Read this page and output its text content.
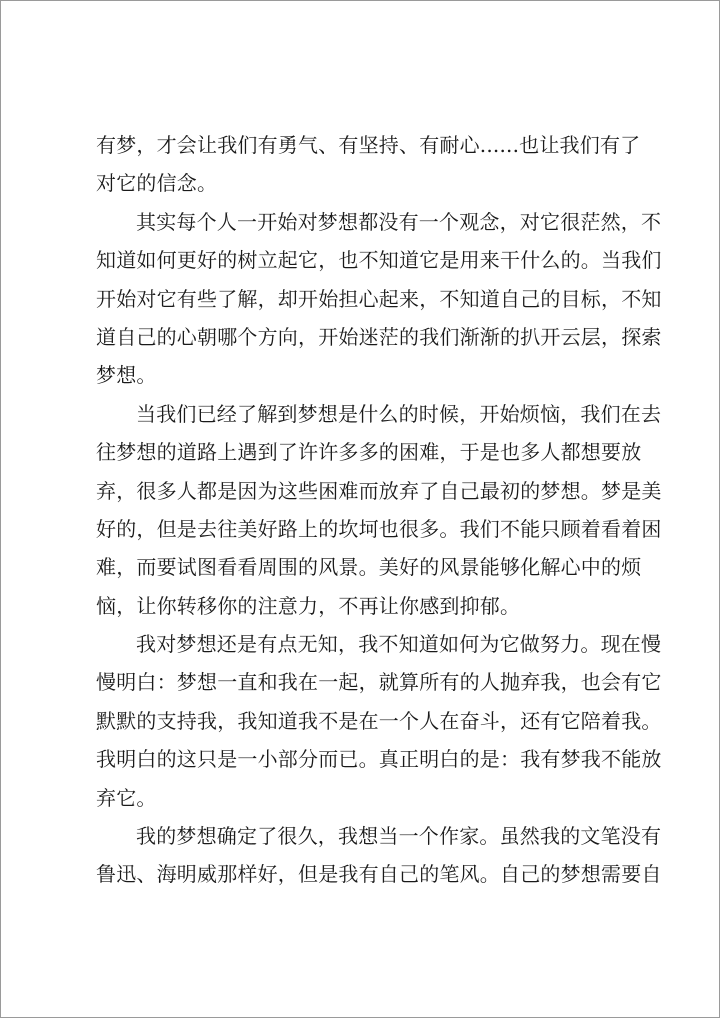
有梦，才会让我们有勇气、有坚持、有耐心......也让我们有了
对它的信念。
其实每个人一开始对梦想都没有一个观念，对它很茫然，不
知道如何更好的树立起它，也不知道它是用来干什么的。当我们
开始对它有些了解，却开始担心起来，不知道自己的目标，不知
道自己的心朝哪个方向，开始迷茫的我们渐渐的扒开云层，探索
梦想。
当我们已经了解到梦想是什么的时候，开始烦恼，我们在去
往梦想的道路上遇到了许许多多的困难，于是也多人都想要放
弃，很多人都是因为这些困难而放弃了自己最初的梦想。梦是美
好的，但是去往美好路上的坎坷也很多。我们不能只顾着看着困
难，而要试图看看周围的风景。美好的风景能够化解心中的烦
恼，让你转移你的注意力，不再让你感到抑郁。
我对梦想还是有点无知，我不知道如何为它做努力。现在慢
慢明白：梦想一直和我在一起，就算所有的人抛弃我，也会有它
默默的支持我，我知道我不是在一个人在奋斗，还有它陪着我。
我明白的这只是一小部分而已。真正明白的是：我有梦我不能放
弃它。
我的梦想确定了很久，我想当一个作家。虽然我的文笔没有
鲁迅、海明威那样好，但是我有自己的笔风。自己的梦想需要自
